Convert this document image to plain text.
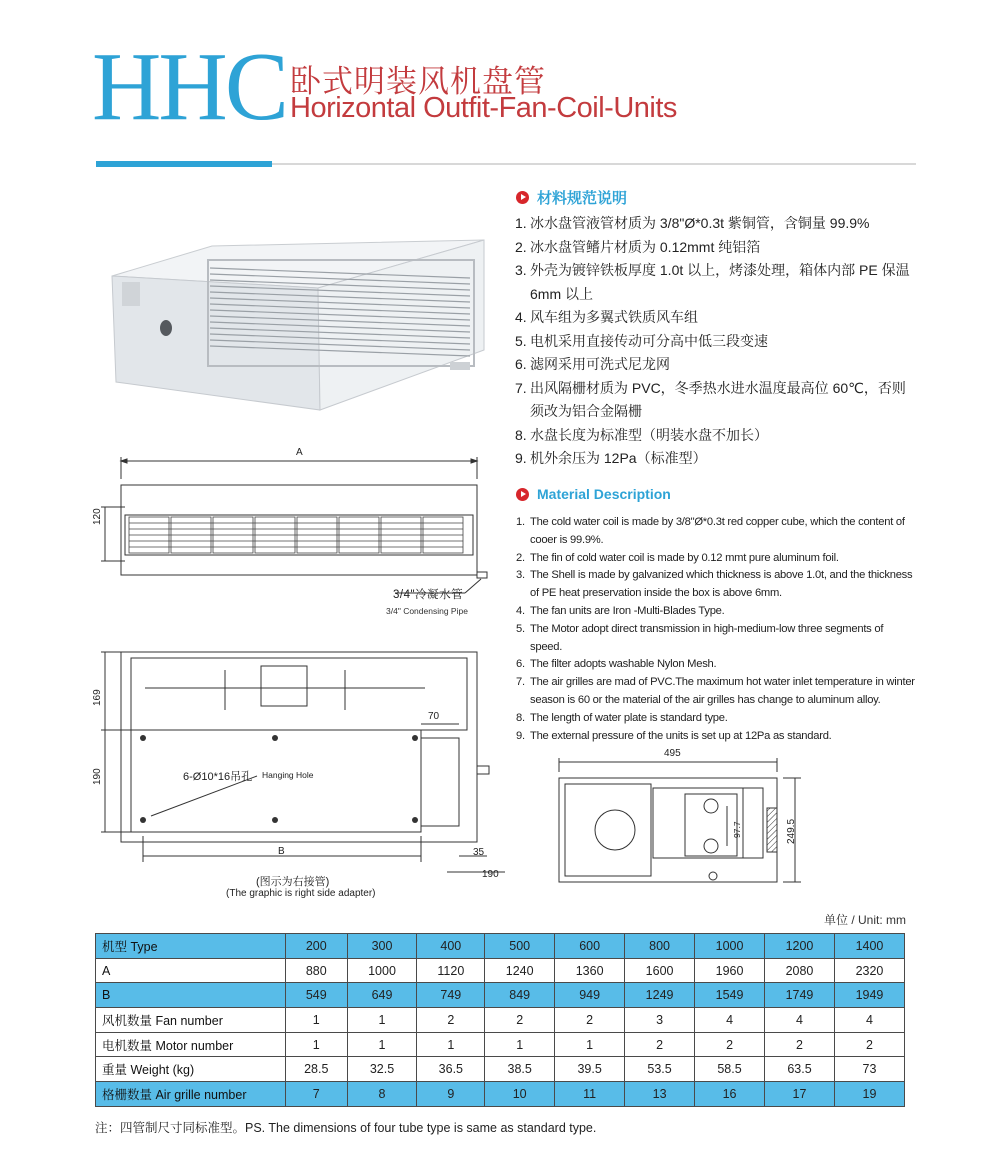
HHC 卧式明装风机盘管
Horizontal Outfit-Fan-Coil-Units
A
120
3/4"冷凝水管
3/4" Condensing Pipe
169
190
70
6-Ø10*16吊孔 Hanging Hole
B	35
190
(图示为右接管)
(The graphic is right side adapter)
495
249.5
97.7
材料规范说明
1. 冰水盘管液管材质为 3/8"Ø*0.3t 紫铜管，含铜量 99.9%
2. 冰水盘管鳍片材质为 0.12mmt 纯铝箔
3. 外壳为镀锌铁板厚度 1.0t 以上，烤漆处理，箱体内部 PE 保温 6mm 以上
4. 风车组为多翼式铁质风车组
5. 电机采用直接传动可分高中低三段变速
6. 滤网采用可洗式尼龙网
7. 出风隔栅材质为 PVC，冬季热水进水温度最高位 60℃，否则须改为铝合金隔栅
8. 水盘长度为标准型（明装水盘不加长）
9. 机外余压为 12Pa（标准型）
Material Description
1. The cold water coil is made by 3/8"Ø*0.3t red copper cube, which the content of cooer is 99.9%.
2. The fin of cold water coil is made by 0.12 mmt pure aluminum foil.
3. The Shell is made by galvanized which thickness is above 1.0t, and the thickness of PE heat preservation inside the box is above 6mm.
4. The fan units are Iron -Multi-Blades Type.
5. The Motor adopt direct transmission in high-medium-low three segments of speed.
6. The filter adopts washable Nylon Mesh.
7. The air grilles are mad of PVC.The maximum hot water inlet temperature in winter season is 60 or the material of the air grilles has change to aluminum alloy.
8. The length of water plate is standard type.
9. The external pressure of the units is set up at 12Pa as standard.
单位 / Unit: mm
机型 Type	200	300	400	500	600	800	1000	1200	1400
A	880	1000	1120	1240	1360	1600	1960	2080	2320
B	549	649	749	849	949	1249	1549	1749	1949
风机数量 Fan number	1	1	2	2	2	3	4	4	4
电机数量 Motor number	1	1	1	1	1	2	2	2	2
重量 Weight (kg)	28.5	32.5	36.5	38.5	39.5	53.5	58.5	63.5	73
格栅数量 Air grille number	7	8	9	10	11	13	16	17	19
注：四管制尺寸同标准型。PS. The dimensions of four tube type is same as standard type.
